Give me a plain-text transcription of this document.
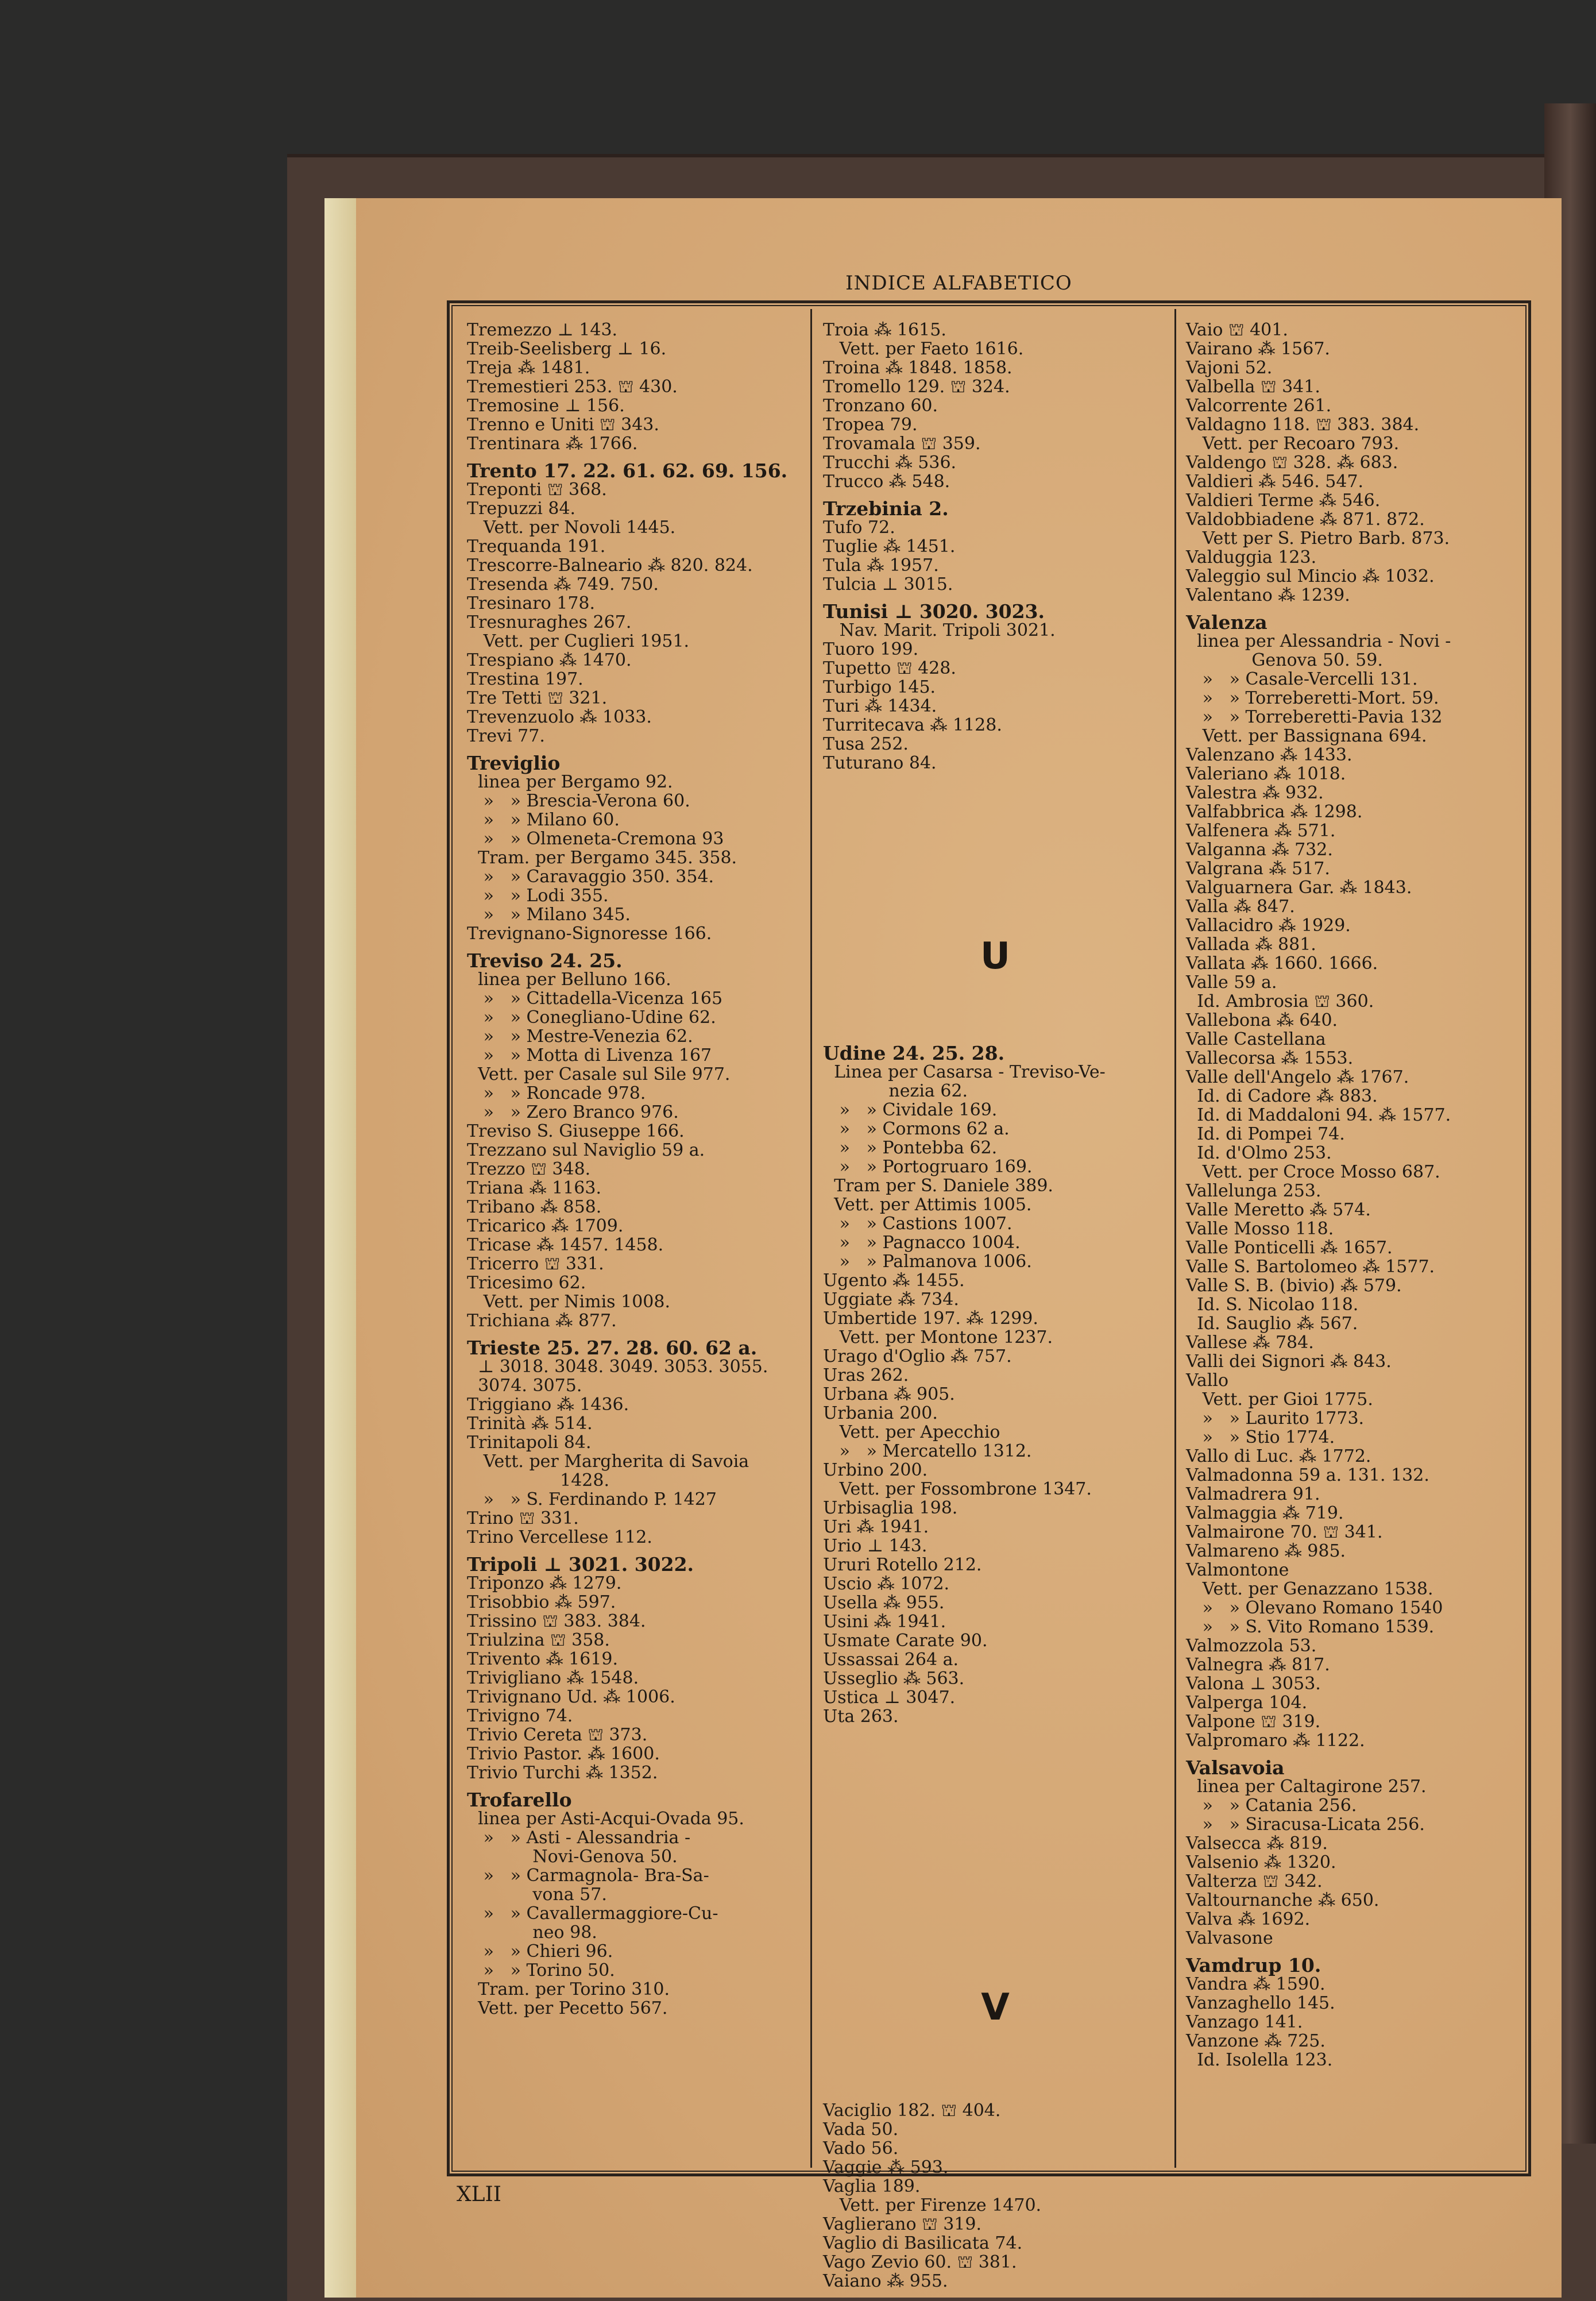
INDICE ALFABETICO
Tremezzo ⊥ 143.
Treib-Seelisberg ⊥ 16.
Treja ⁂ 1481.
Tremestieri 253. ⛫ 430.
Tremosine ⊥ 156.
Trenno e Uniti ⛫ 343.
Trentinara ⁂ 1766.
Trento 17. 22. 61. 62. 69. 156.
Treponti ⛫ 368.
Trepuzzi 84.
Vett. per Novoli 1445.
Trequanda 191.
Trescorre-Balneario ⁂ 820. 824.
Tresenda ⁂ 749. 750.
Tresinaro 178.
Tresnuraghes 267.
Vett. per Cuglieri 1951.
Trespiano ⁂ 1470.
Trestina 197.
Tre Tetti ⛫ 321.
Trevenzuolo ⁂ 1033.
Trevi 77.
Treviglio
linea per Bergamo 92.
»   » Brescia-Verona 60.
»   » Milano 60.
»   » Olmeneta-Cremona 93
Tram. per Bergamo 345. 358.
»   » Caravaggio 350. 354.
»   » Lodi 355.
»   » Milano 345.
Trevignano-Signoresse 166.
Treviso 24. 25.
linea per Belluno 166.
»   » Cittadella-Vicenza 165
»   » Conegliano-Udine 62.
»   » Mestre-Venezia 62.
»   » Motta di Livenza 167
Vett. per Casale sul Sile 977.
»   » Roncade 978.
»   » Zero Branco 976.
Treviso S. Giuseppe 166.
Trezzano sul Naviglio 59 a.
Trezzo ⛫ 348.
Triana ⁂ 1163.
Tribano ⁂ 858.
Tricarico ⁂ 1709.
Tricase ⁂ 1457. 1458.
Tricerro ⛫ 331.
Tricesimo 62.
Vett. per Nimis 1008.
Trichiana ⁂ 877.
Trieste 25. 27. 28. 60. 62 a.
⊥ 3018. 3048. 3049. 3053. 3055.
3074. 3075.
Triggiano ⁂ 1436.
Trinità ⁂ 514.
Trinitapoli 84.
Vett. per Margherita di Savoia
1428.
»   » S. Ferdinando P. 1427
Trino ⛫ 331.
Trino Vercellese 112.
Tripoli ⊥ 3021. 3022.
Triponzo ⁂ 1279.
Trisobbio ⁂ 597.
Trissino ⛫ 383. 384.
Triulzina ⛫ 358.
Trivento ⁂ 1619.
Trivigliano ⁂ 1548.
Trivignano Ud. ⁂ 1006.
Trivigno 74.
Trivio Cereta ⛫ 373.
Trivio Pastor. ⁂ 1600.
Trivio Turchi ⁂ 1352.
Trofarello
linea per Asti-Acqui-Ovada 95.
»   » Asti - Alessandria -
Novi-Genova 50.
»   » Carmagnola- Bra-Sa-
vona 57.
»   » Cavallermaggiore-Cu-
neo 98.
»   » Chieri 96.
»   » Torino 50.
Tram. per Torino 310.
Vett. per Pecetto 567.
Troia ⁂ 1615.
Vett. per Faeto 1616.
Troina ⁂ 1848. 1858.
Tromello 129. ⛫ 324.
Tronzano 60.
Tropea 79.
Trovamala ⛫ 359.
Trucchi ⁂ 536.
Trucco ⁂ 548.
Trzebinia 2.
Tufo 72.
Tuglie ⁂ 1451.
Tula ⁂ 1957.
Tulcia ⊥ 3015.
Tunisi ⊥ 3020. 3023.
Nav. Marit. Tripoli 3021.
Tuoro 199.
Tupetto ⛫ 428.
Turbigo 145.
Turi ⁂ 1434.
Turritecava ⁂ 1128.
Tusa 252.
Tuturano 84.
U
Udine 24. 25. 28.
Linea per Casarsa - Treviso-Ve-
nezia 62.
»   » Cividale 169.
»   » Cormons 62 a.
»   » Pontebba 62.
»   » Portogruaro 169.
Tram per S. Daniele 389.
Vett. per Attimis 1005.
»   » Castions 1007.
»   » Pagnacco 1004.
»   » Palmanova 1006.
Ugento ⁂ 1455.
Uggiate ⁂ 734.
Umbertide 197. ⁂ 1299.
Vett. per Montone 1237.
Urago d'Oglio ⁂ 757.
Uras 262.
Urbana ⁂ 905.
Urbania 200.
Vett. per Apecchio
»   » Mercatello 1312.
Urbino 200.
Vett. per Fossombrone 1347.
Urbisaglia 198.
Uri ⁂ 1941.
Urio ⊥ 143.
Ururi Rotello 212.
Uscio ⁂ 1072.
Usella ⁂ 955.
Usini ⁂ 1941.
Usmate Carate 90.
Ussassai 264 a.
Usseglio ⁂ 563.
Ustica ⊥ 3047.
Uta 263.
V
Vaciglio 182. ⛫ 404.
Vada 50.
Vado 56.
Vaggie ⁂ 593.
Vaglia 189.
Vett. per Firenze 1470.
Vaglierano ⛫ 319.
Vaglio di Basilicata 74.
Vago Zevio 60. ⛫ 381.
Vaiano ⁂ 955.
Vaio ⛫ 401.
Vairano ⁂ 1567.
Vajoni 52.
Valbella ⛫ 341.
Valcorrente 261.
Valdagno 118. ⛫ 383. 384.
Vett. per Recoaro 793.
Valdengo ⛫ 328. ⁂ 683.
Valdieri ⁂ 546. 547.
Valdieri Terme ⁂ 546.
Valdobbiadene ⁂ 871. 872.
Vett per S. Pietro Barb. 873.
Valduggia 123.
Valeggio sul Mincio ⁂ 1032.
Valentano ⁂ 1239.
Valenza
linea per Alessandria - Novi -
Genova 50. 59.
»   » Casale-Vercelli 131.
»   » Torreberetti-Mort. 59.
»   » Torreberetti-Pavia 132
Vett. per Bassignana 694.
Valenzano ⁂ 1433.
Valeriano ⁂ 1018.
Valestra ⁂ 932.
Valfabbrica ⁂ 1298.
Valfenera ⁂ 571.
Valganna ⁂ 732.
Valgrana ⁂ 517.
Valguarnera Gar. ⁂ 1843.
Valla ⁂ 847.
Vallacidro ⁂ 1929.
Vallada ⁂ 881.
Vallata ⁂ 1660. 1666.
Valle 59 a.
Id. Ambrosia ⛫ 360.
Vallebona ⁂ 640.
Valle Castellana
Vallecorsa ⁂ 1553.
Valle dell'Angelo ⁂ 1767.
Id. di Cadore ⁂ 883.
Id. di Maddaloni 94. ⁂ 1577.
Id. di Pompei 74.
Id. d'Olmo 253.
Vett. per Croce Mosso 687.
Vallelunga 253.
Valle Meretto ⁂ 574.
Valle Mosso 118.
Valle Ponticelli ⁂ 1657.
Valle S. Bartolomeo ⁂ 1577.
Valle S. B. (bivio) ⁂ 579.
Id. S. Nicolao 118.
Id. Sauglio ⁂ 567.
Vallese ⁂ 784.
Valli dei Signori ⁂ 843.
Vallo
Vett. per Gioi 1775.
»   » Laurito 1773.
»   » Stio 1774.
Vallo di Luc. ⁂ 1772.
Valmadonna 59 a. 131. 132.
Valmadrera 91.
Valmaggia ⁂ 719.
Valmairone 70. ⛫ 341.
Valmareno ⁂ 985.
Valmontone
Vett. per Genazzano 1538.
»   » Olevano Romano 1540
»   » S. Vito Romano 1539.
Valmozzola 53.
Valnegra ⁂ 817.
Valona ⊥ 3053.
Valperga 104.
Valpone ⛫ 319.
Valpromaro ⁂ 1122.
Valsavoia
linea per Caltagirone 257.
»   » Catania 256.
»   » Siracusa-Licata 256.
Valsecca ⁂ 819.
Valsenio ⁂ 1320.
Valterza ⛫ 342.
Valtournanche ⁂ 650.
Valva ⁂ 1692.
Valvasone
Vamdrup 10.
Vandra ⁂ 1590.
Vanzaghello 145.
Vanzago 141.
Vanzone ⁂ 725.
Id. Isolella 123.
XLII
